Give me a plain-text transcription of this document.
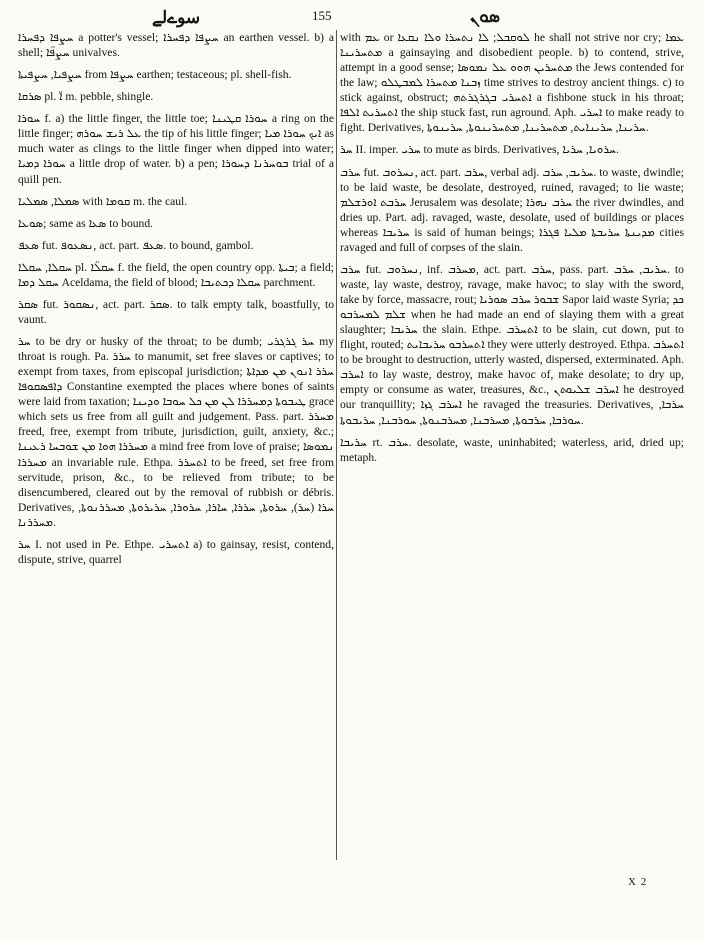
سوےلے	155	ܣܘܢ

ܚܨܦܐ ܕܦܚܪܐ a potter's vessel; ܚܨܦܐ ܕܦܚܪܐ an earthen vessel. b) a shell; ܚܨܦ̈ܐ univalves.

ܚܨܦܝܐ, ܚܨܦܝܬܐ from ܚܨܦܐ earthen; testaceous; pl. shell-fish.

ܣܪܩܐ pl. ܐ̈ m. pebble, shingle.

ܚܘܪܐ f. a) the little finger, the little toe; ܚܘܪܐ ܩܛܝܢܐ a ring on the little finger; ܥܠ ܪܝܫ ܚܘܪܗ the tip of his little finger; ܐܝܟ ܚܘܪܐ ܡܝܐ as much water as clings to the little finger when dipped into water; ܚܘܪܐ ܕܡܝܐ a little drop of water. b) a pen; ܒܘܚܪܢܐ ܕܚܘܪܐ trial of a quill pen.

ܣܡܠܐ, ܣܡܠܝܐ with ܩܘܡܐ m. the caul.

ܣܘܥܐ; same as ܣܥܐ to bound.

ܣܥܦ fut. ܢܣܥܘܦ, act. part. ܣܥܦ. to bound, gambol.

ܚܩܠܐ, ܚܩܠܐ pl. ܚܩܠ̈ܐ f. the field, the open country opp. ܒܝܬܐ; a field; ܚܩܠ ܕܡܐ Aceldama, the field of blood; ܚܩܠܐ ܕܟܬܝܒܐ parchment.

ܣܩܪ fut. ܢܣܩܘܪ, act. part. ܣܩܪ. to talk empty talk, boastfully, to vaunt.

ܚܪ to be dry or husky of the throat; to be dumb; ܚܪ ܓܪܓܪܝ my throat is rough. Pa. ܚܪܪ to manumit, set free slaves or captives; to exempt from taxes, from episcopal jurisdiction; ܚܪܪ ܐܢܘܢ ܡܢ ܡܕܐܬܐ ܕܐܦܣܩܘܦܐ Constantine exempted the places where bones of saints were laid from taxation; ܛܝܒܘܬܐ ܕܡܚܪܪܐ ܠܢ ܡܢ ܟܠ ܚܘܒܐ ܘܕܝܢܐ grace which sets us free from all guilt and judgement. Pass. part. ܡܚܪܪ freed, free, exempt from tribute, jurisdiction, guilt, anxiety, &c.; ܡܚܪܪܐ ܗܘܐ ܡܢ ܫܘܒܚܐ ܪܥܝܢܐ a mind free from love of praise; ܢܡܘܣܐ ܡܚܪܪܐ an invariable rule. Ethpa. ܐܬܚܪܪ to be freed, set free from servitude, prison, &c., to be relieved from tribute; to be disencumbered, cleared out by the removal of rubbish or débris. Derivatives, ܚܪܐ (ܚܪ), ܚܪܘܬܐ, ܚܪܪܐ, ܚܐܪܐ, ܚܪܘܪܐ, ܚܪܝܪܘܬܐ, ܡܚܪܪܢܘܬܐ, ܡܚܪܪܢܐ.

ܚܪ I. not used in Pe. Ethpe. ܐܬܚܪܝ a) to gainsay, resist, contend, dispute, strive, quarrel

with ܥܡ or ܠܘܩܒܠ; ܠܐ ܢܬܚܪܐ ܘܠܐ ܢܩܥܐ he shall not strive nor cry; ܥܡܐ ܡܬܚܪܝܢܐ a gainsaying and disobedient people. b) to contend, strive, attempt in a good sense; ܡܬܚܪܝܢ ܗܘܘ ܥܠ ܢܡܘܣܐ the Jews contended for the law; ܙܒܢܐ ܡܬܚܪܐ ܠܡܒܛܠܘ time strives to destroy ancient things. c) to stick against, obstruct; ܐܬܚܪܝ ܒܓܪܓܪܬܗ a fishbone stuck in his throat; ܐܬܚܪܝܬ ܐܠܦܐ the ship stuck fast, run aground. Aph. ܐܚܪܝ to make ready to fight. Derivatives, ܚܪܝܢܐ, ܚܪܝܢܐܝܬ, ܡܬܚܪܝܢܐ, ܡܬܚܪܝܢܘܬܐ, ܚܪܝܢܘܬܐ.

ܚܪ II. imper. ܚܪܝ to mute as birds. Derivatives, ܚܪܘܝܐ, ܚܪܝܐ.

ܚܪܒ fut. ܢܚܪܘܒ, act. part. ܚܪܒ, verbal adj. ܚܪܝܒ, ܚܪܒ. to waste, dwindle; to be laid waste, be desolate, destroyed, ruined, ravaged; to lie waste; ܚܪܒܬ ܐܘܪܫܠܡ Jerusalem was desolate; ܚܪܒ ܢܗܪܐ the river dwindles, and dries up. Part. adj. ravaged, waste, desolate, used of buildings or places whereas ܚܪܝܒܐ is said of human beings; ܡܕܝܢܬܐ ܚܪܝܒܬܐ ܡܠܝܐ ܦܓܪܐ cities ravaged and full of corpses of the slain.

ܚܪܒ fut. ܢܚܪܘܒ, inf. ܡܚܪܒ, act. part. ܚܪܒ, pass. part. ܚܪܝܒ, ܚܪܒ. to waste, lay waste, destroy, ravage, make havoc; to slay with the sword, take by force, massacre, rout; ܫܒܘܪ ܚܪܒ ܣܘܪܝܐ Sapor laid waste Syria; ܟܕ ܫܠܡ ܠܡܚܪܒܘ when he had made an end of slaying them with a great slaughter; ܚܪܝܒܐ the slain. Ethpe. ܐܬܚܪܒ to be slain, cut down, put to flight, routed; ܐܬܚܪܒܘ ܚܪܝܒܐܝܬ they were utterly destroyed. Ethpa. ܐܬܚܪܒ to be brought to destruction, utterly wasted, dispersed, exterminated. Aph. ܐܚܪܒ to lay waste, destroy, make havoc of, make desolate; to dry up, empty or consume as water, treasures, &c., ܐܚܪܒ ܫܠܝܘܬܢ he destroyed our tranquillity; ܐܚܪܒ ܓܙܐ he ravaged the treasuries. Derivatives, ܚܪܒܐ, ܚܘܪܒܐ, ܚܪܒܘܬܐ, ܡܚܪܒܢܐ, ܡܚܪܒܢܘܬܐ, ܚܘܪܒܢܐ, ܚܪܝܒܘܬܐ.

ܚܪܝܒܐ rt. ܚܪܒ. desolate, waste, uninhabited; waterless, arid, dried up; metaph.

X 2
